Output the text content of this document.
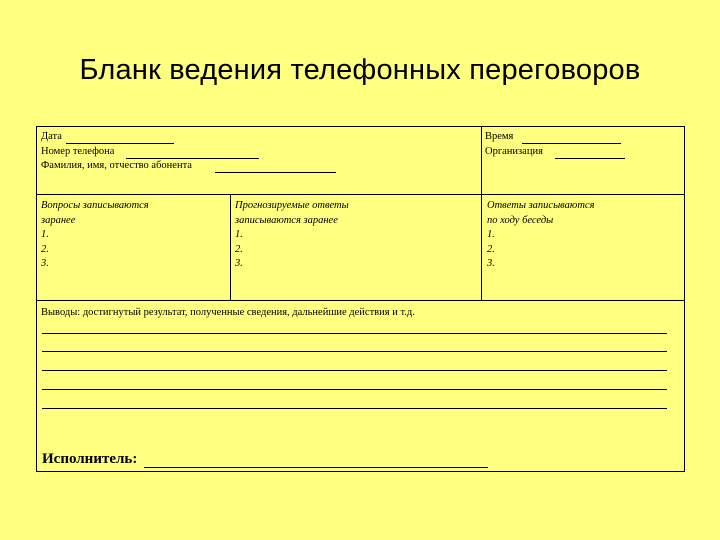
Бланк ведения телефонных переговоров
Дата
Номер телефона
Фамилия, имя, отчество абонента
Время
Организация
Вопросы записываются
заранее
1.
2.
3.
Прогнозируемые ответы
записываются заранее
1.
2.
3.
Ответы записываются
по ходу беседы
1.
2.
3.
Выводы: достигнутый результат, полученные сведения, дальнейшие действия и т.д.
Исполнитель:
